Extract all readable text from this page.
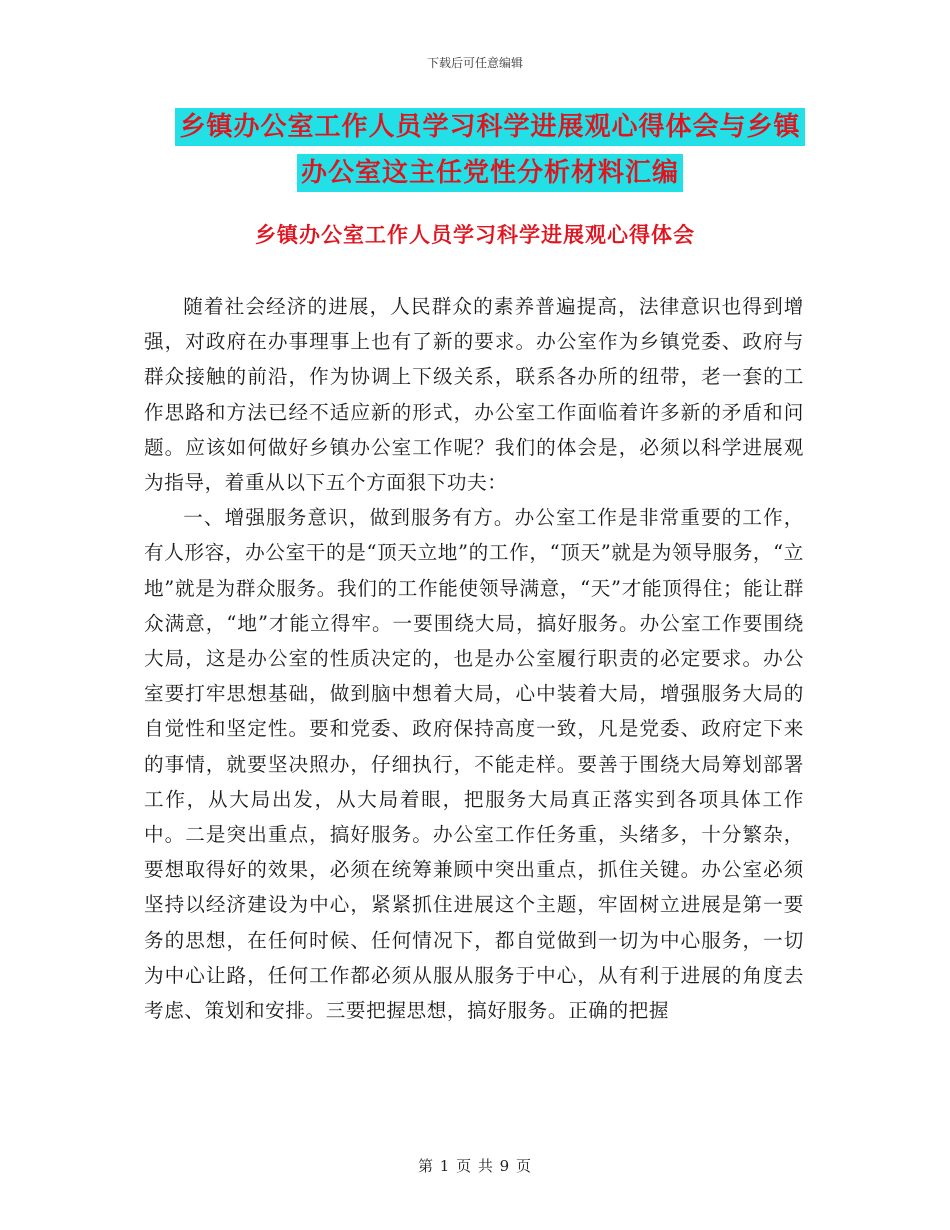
下载后可任意编辑
乡镇办公室工作人员学习科学进展观心得体会与乡镇
办公室这主任党性分析材料汇编
乡镇办公室工作人员学习科学进展观心得体会

随着社会经济的进展，人民群众的素养普遍提高，法律意识也得到增强，对政府在办事理事上也有了新的要求。办公室作为乡镇党委、政府与群众接触的前沿，作为协调上下级关系，联系各办所的纽带，老一套的工作思路和方法已经不适应新的形式，办公室工作面临着许多新的矛盾和问题。应该如何做好乡镇办公室工作呢？我们的体会是，必须以科学进展观为指导，着重从以下五个方面狠下功夫：

一、增强服务意识，做到服务有方。办公室工作是非常重要的工作，有人形容，办公室干的是“顶天立地”的工作，“顶天”就是为领导服务，“立地”就是为群众服务。我们的工作能使领导满意，“天”才能顶得住；能让群众满意，“地”才能立得牢。一要围绕大局，搞好服务。办公室工作要围绕大局，这是办公室的性质决定的，也是办公室履行职责的必定要求。办公室要打牢思想基础，做到脑中想着大局，心中装着大局，增强服务大局的自觉性和坚定性。要和党委、政府保持高度一致，凡是党委、政府定下来的事情，就要坚决照办，仔细执行，不能走样。要善于围绕大局筹划部署工作，从大局出发，从大局着眼，把服务大局真正落实到各项具体工作中。二是突出重点，搞好服务。办公室工作任务重，头绪多，十分繁杂，要想取得好的效果，必须在统筹兼顾中突出重点，抓住关键。办公室必须坚持以经济建设为中心，紧紧抓住进展这个主题，牢固树立进展是第一要务的思想，在任何时候、任何情况下，都自觉做到一切为中心服务，一切为中心让路，任何工作都必须从服从服务于中心，从有利于进展的角度去考虑、策划和安排。三要把握思想，搞好服务。正确的把握

第 1 页 共 9 页
